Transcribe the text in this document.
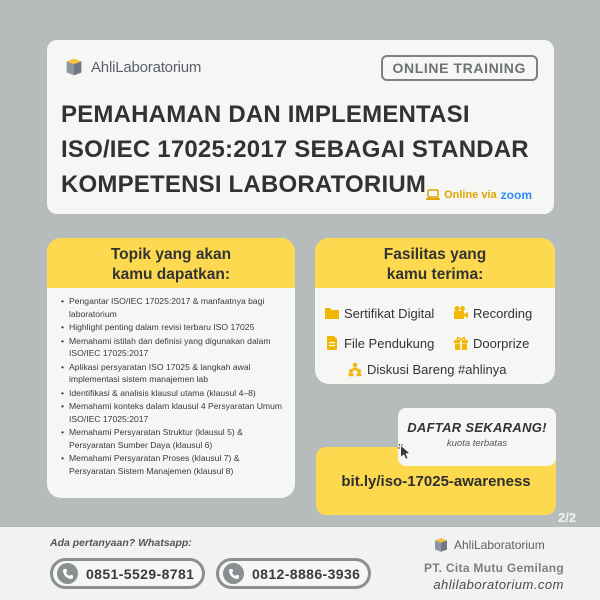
AhliLaboratorium	ONLINE TRAINING
PEMAHAMAN DAN IMPLEMENTASI
ISO/IEC 17025:2017 SEBAGAI STANDAR
KOMPETENSI LABORATORIUM	Online via zoom
Topik yang akan
kamu dapatkan:
• Pengantar ISO/IEC 17025:2017 & manfaatnya bagi laboratorium
• Highlight penting dalam revisi terbaru ISO 17025
• Memahami istilah dan definisi yang digunakan dalam ISO/IEC 17025:2017
• Aplikasi persyaratan ISO 17025 & langkah awal implementasi sistem manajemen lab
• Identifikasi & analisis klausul utama (klausul 4–8)
• Memahami konteks dalam klausul 4 Persyaratan Umum ISO/IEC 17025:2017
• Memahami Persyaratan Struktur (klausul 5) & Persyaratan Sumber Daya (klausul 6)
• Memahami Persyaratan Proses (klausul 7) & Persyaratan Sistem Manajemen (klausul 8)
Fasilitas yang
kamu terima:
Sertifikat Digital	Recording
File Pendukung	Doorprize
Diskusi Bareng #ahlinya
bit.ly/iso-17025-awareness
DAFTAR SEKARANG!
kuota terbatas
2/2
Ada pertanyaan? Whatsapp:
0851-5529-8781	0812-8886-3936
AhliLaboratorium
PT. Cita Mutu Gemilang
ahlilaboratorium.com
